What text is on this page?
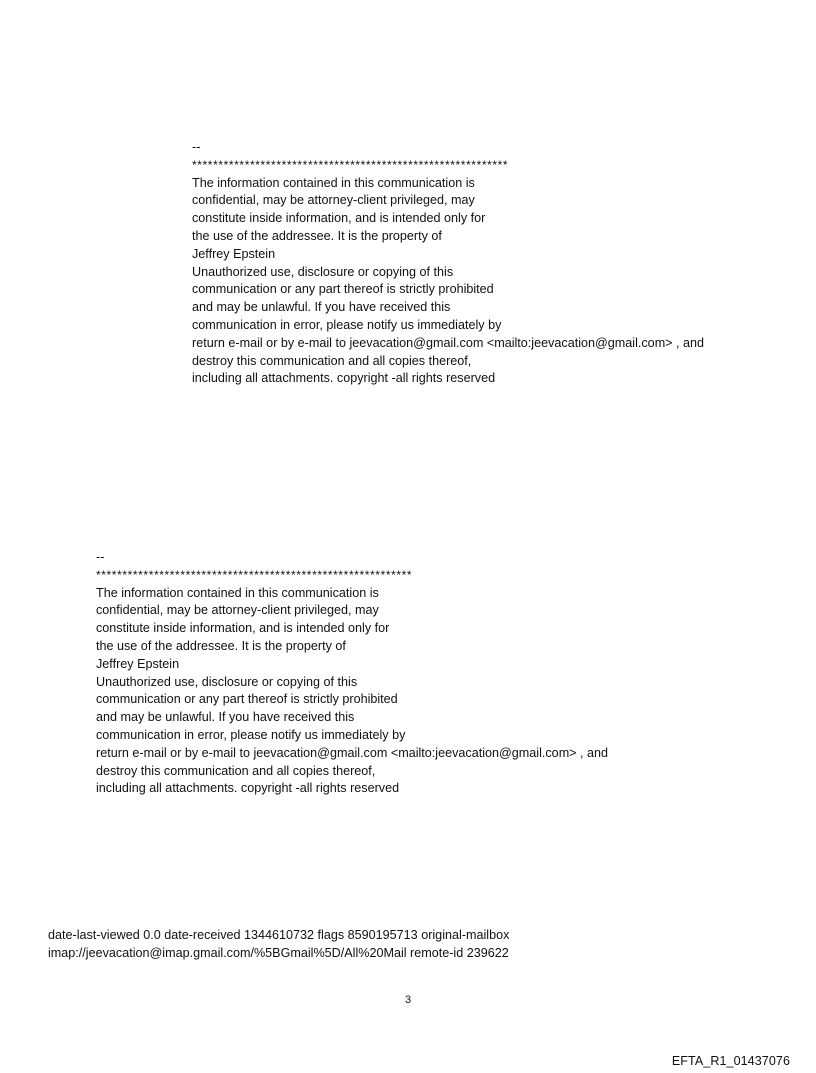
--
************************************************************
The information contained in this communication is
confidential, may be attorney-client privileged, may
constitute inside information, and is intended only for
the use of the addressee. It is the property of
Jeffrey Epstein
Unauthorized use, disclosure or copying of this
communication or any part thereof is strictly prohibited
and may be unlawful. If you have received this
communication in error, please notify us immediately by
return e-mail or by e-mail to jeevacation@gmail.com <mailto:jeevacation@gmail.com> , and
destroy this communication and all copies thereof,
including all attachments. copyright -all rights reserved
--
************************************************************
The information contained in this communication is
confidential, may be attorney-client privileged, may
constitute inside information, and is intended only for
the use of the addressee. It is the property of
Jeffrey Epstein
Unauthorized use, disclosure or copying of this
communication or any part thereof is strictly prohibited
and may be unlawful. If you have received this
communication in error, please notify us immediately by
return e-mail or by e-mail to jeevacation@gmail.com <mailto:jeevacation@gmail.com> , and
destroy this communication and all copies thereof,
including all attachments. copyright -all rights reserved
date-last-viewed 0.0 date-received 1344610732 flags 8590195713 original-mailbox
imap://jeevacation@imap.gmail.com/%5BGmail%5D/All%20Mail remote-id 239622
3
EFTA_R1_01437076
